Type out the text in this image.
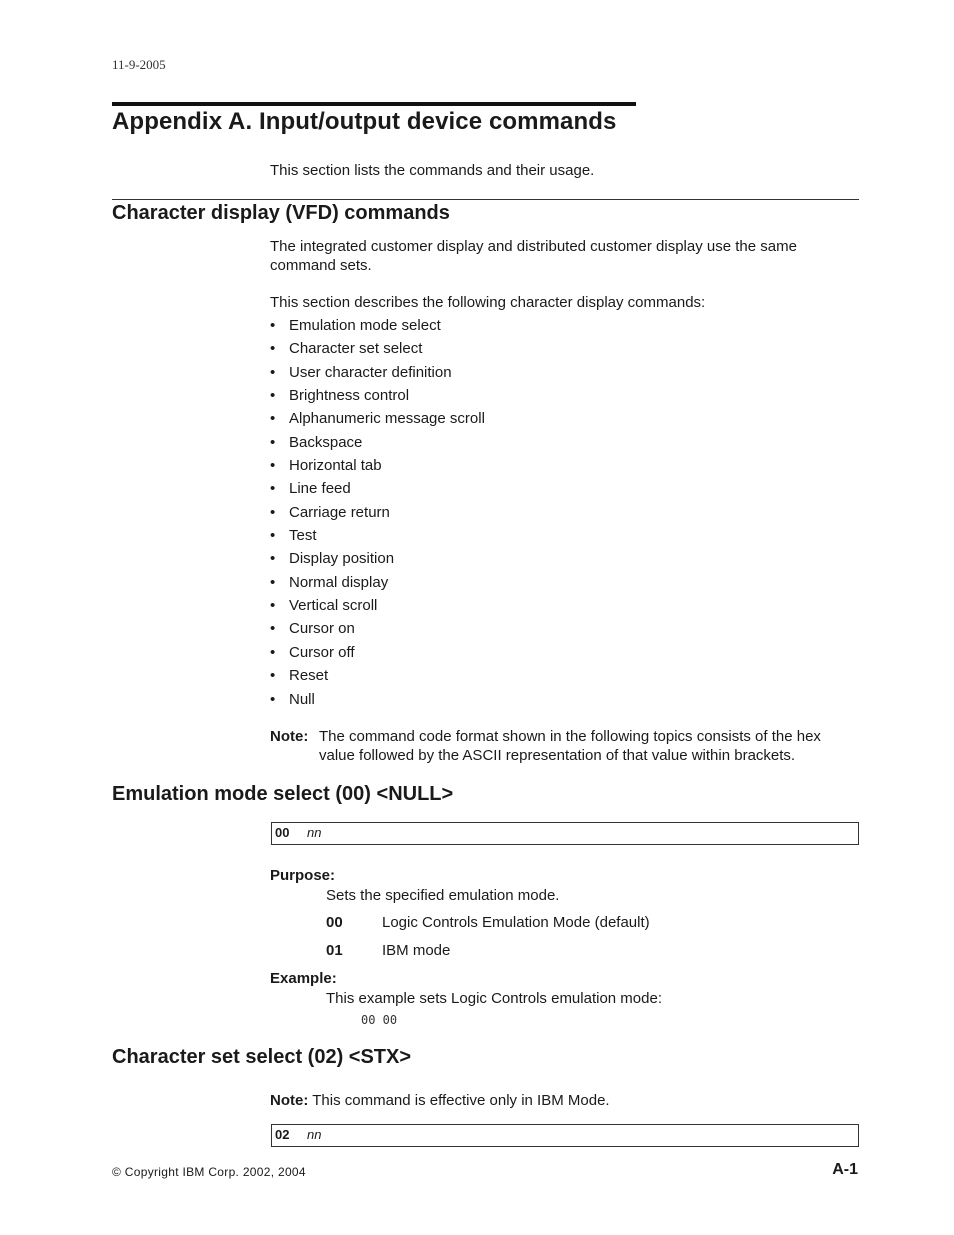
11-9-2005
Appendix A. Input/output device commands
This section lists the commands and their usage.
Character display (VFD) commands
The integrated customer display and distributed customer display use the same command sets.
This section describes the following character display commands:
• Emulation mode select
• Character set select
• User character definition
• Brightness control
• Alphanumeric message scroll
• Backspace
• Horizontal tab
• Line feed
• Carriage return
• Test
• Display position
• Normal display
• Vertical scroll
• Cursor on
• Cursor off
• Reset
• Null
Note: The command code format shown in the following topics consists of the hex value followed by the ASCII representation of that value within brackets.
Emulation mode select (00) <NULL>
00 nn
Purpose:
Sets the specified emulation mode.
00	Logic Controls Emulation Mode (default)
01	IBM mode
Example:
This example sets Logic Controls emulation mode:
00 00
Character set select (02) <STX>
Note: This command is effective only in IBM Mode.
02 nn
© Copyright IBM Corp. 2002, 2004	A-1
